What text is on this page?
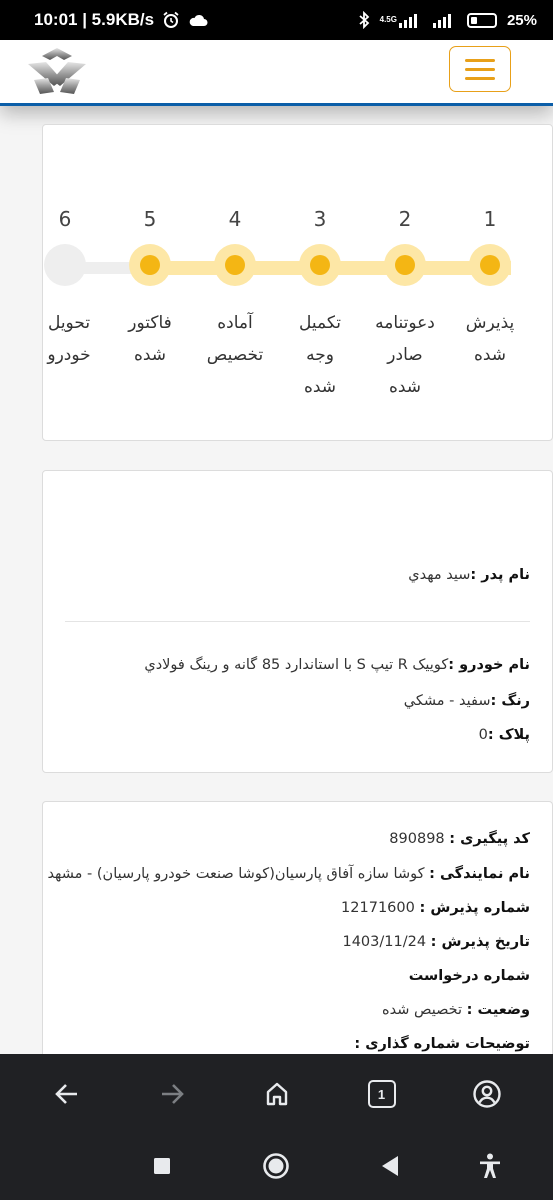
10:01 | 5.9KB/s	4.5G	25%
1
پذیرش
شده
2
دعوتنامه
صادر
شده
3
تکمیل
وجه
شده
4
آماده
تخصیص
5
فاکتور
شده
6
تحویل
خودرو
نام پدر :سید مهدي
نام خودرو :کوییک R تیپ S با استاندارد 85 گانه و رینگ فولادي
رنگ :سفید - مشکي
پلاک :0
کد پیگیری : 890898
نام نمایندگی : کوشا سازه آفاق پارسیان(کوشا صنعت خودرو پارسیان) - مشهد
شماره پذیرش : 12171600
تاریخ پذیرش : 1403/11/24
شماره درخواست
وضعیت : تخصیص شده
توضیحات شماره گذاری :
1
